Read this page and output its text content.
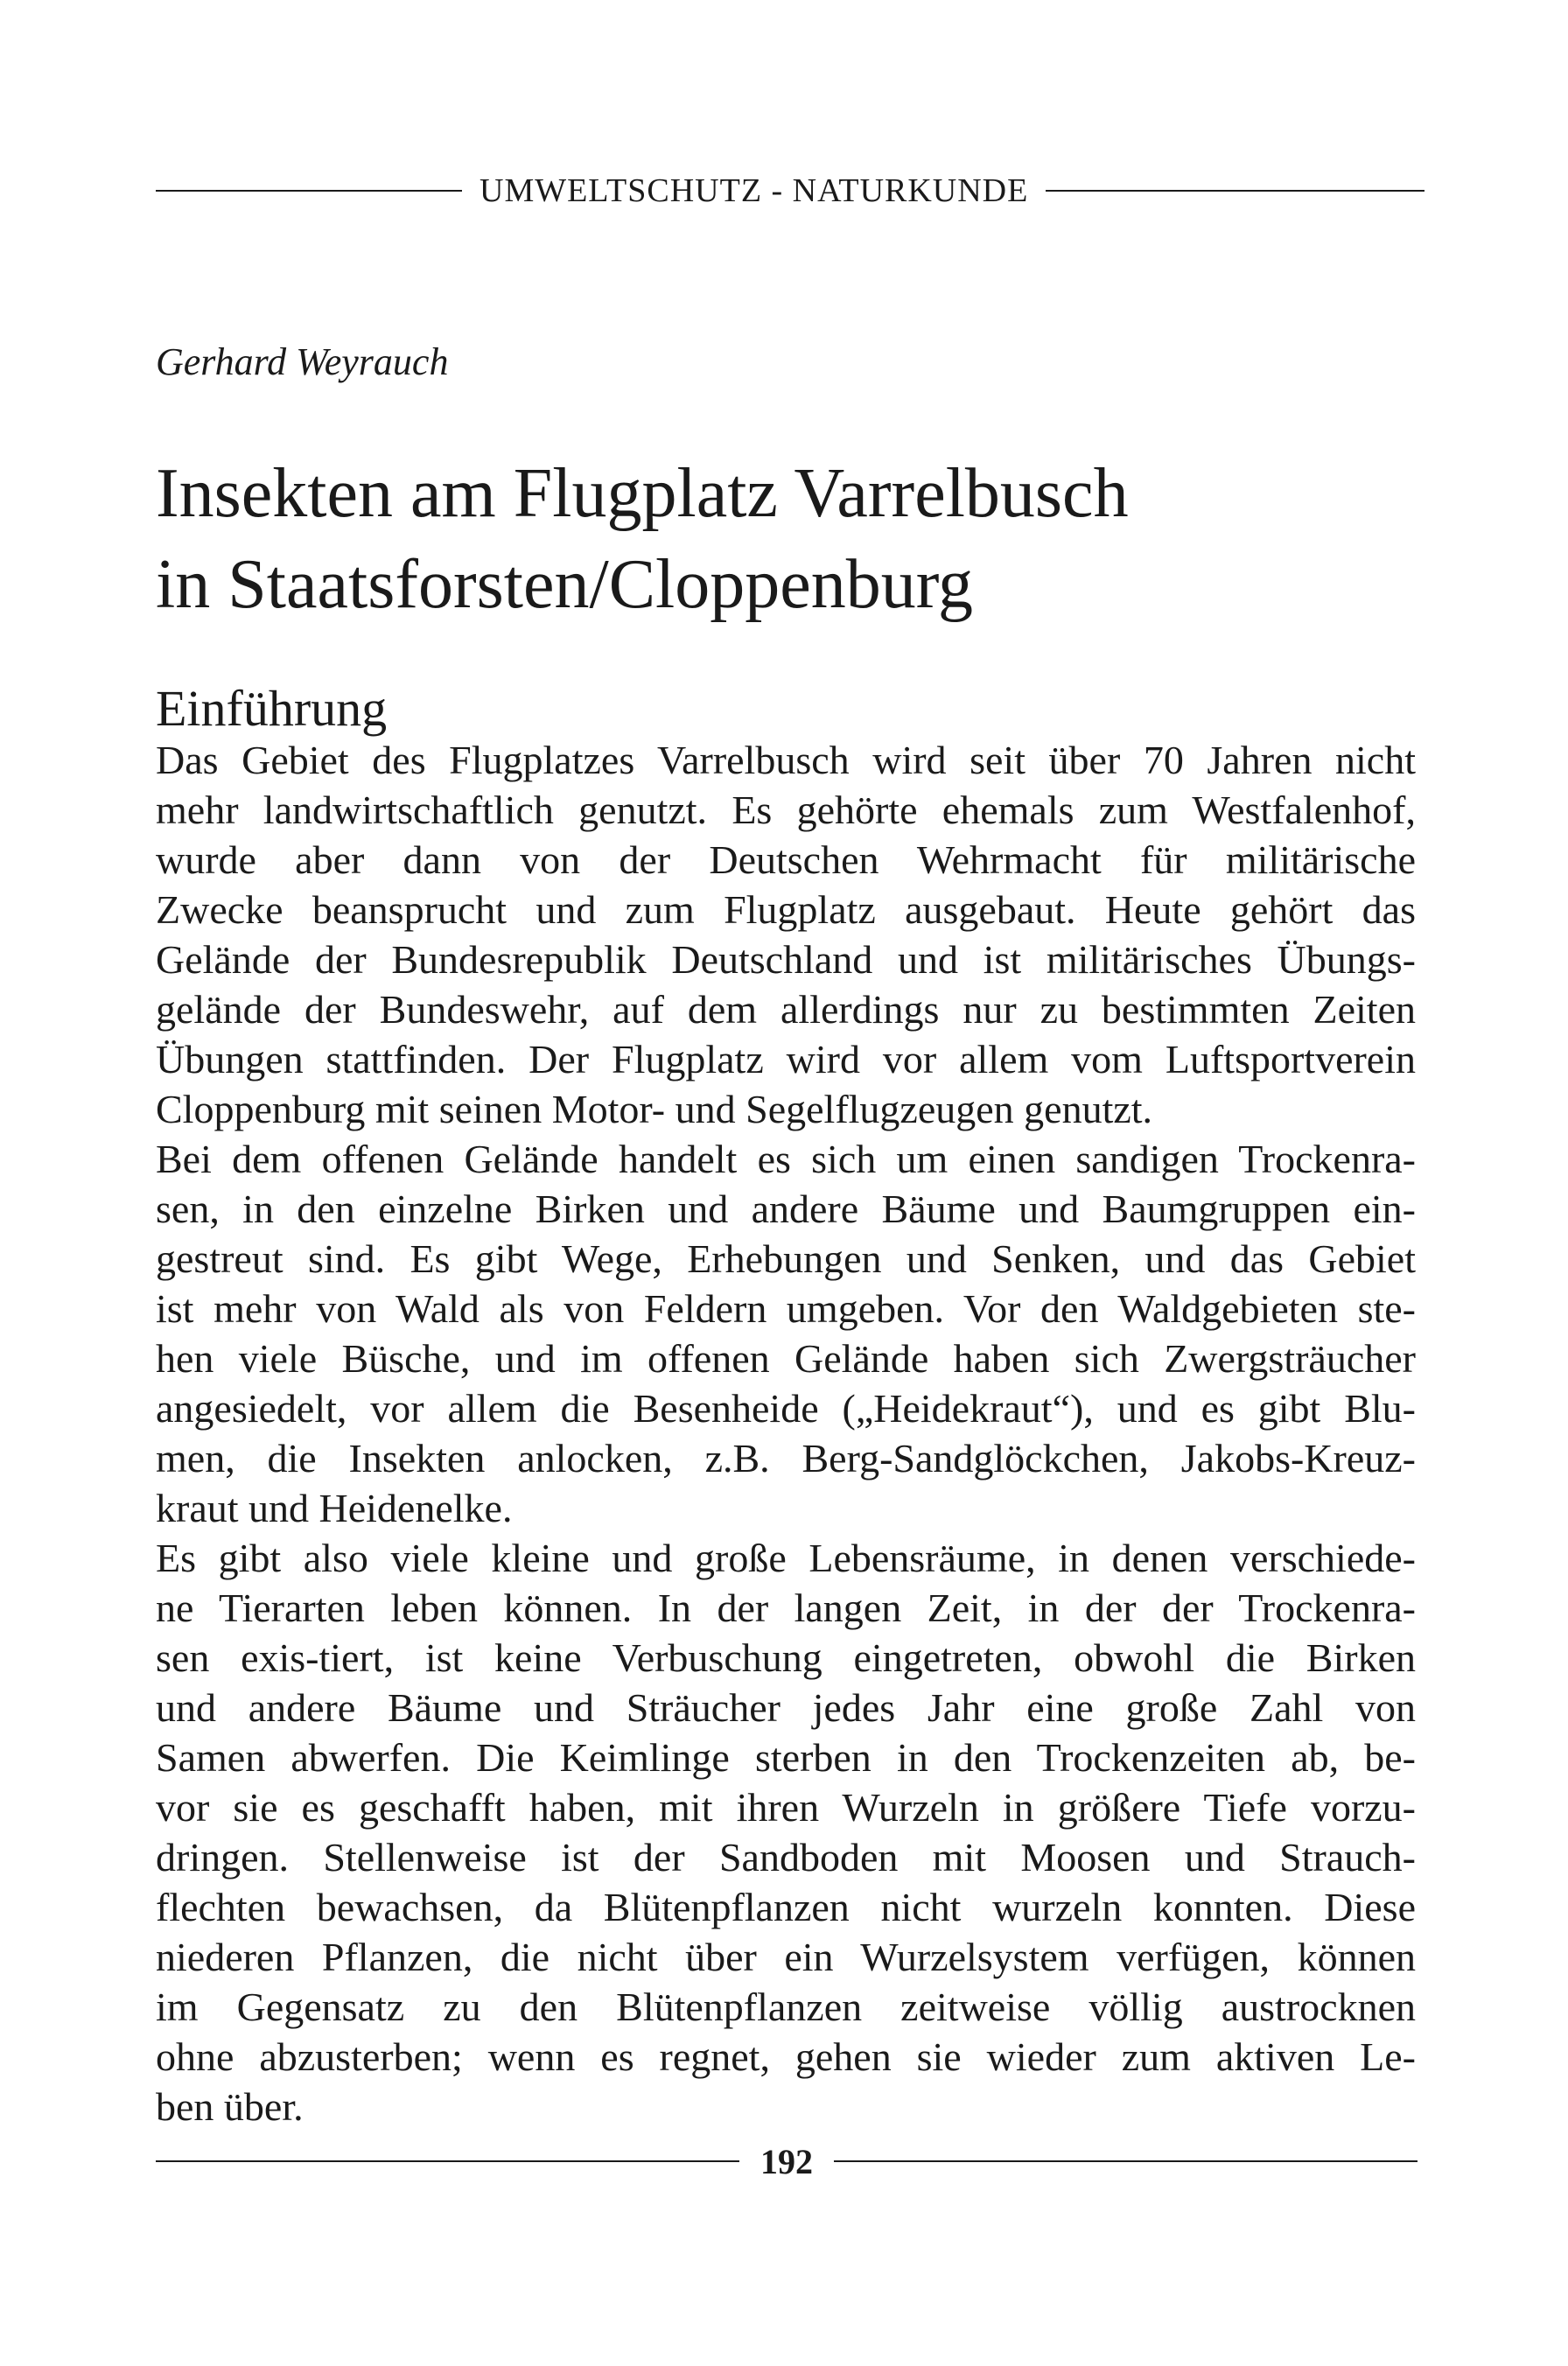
UMWELTSCHUTZ - NATURKUNDE
Gerhard Weyrauch
Insekten am Flugplatz Varrelbusch
in Staatsforsten/Cloppenburg
Einführung
Das Gebiet des Flugplatzes Varrelbusch wird seit über 70 Jahren nicht
mehr landwirtschaftlich genutzt. Es gehörte ehemals zum Westfalenhof,
wurde aber dann von der Deutschen Wehrmacht für militärische
Zwecke beansprucht und zum Flugplatz ausgebaut. Heute gehört das
Gelände der Bundesrepublik Deutschland und ist militärisches Übungs-
gelände der Bundeswehr, auf dem allerdings nur zu bestimmten Zeiten
Übungen stattfinden. Der Flugplatz wird vor allem vom Luftsportverein
Cloppenburg mit seinen Motor- und Segelflugzeugen genutzt.
Bei dem offenen Gelände handelt es sich um einen sandigen Trockenra-
sen, in den einzelne Birken und andere Bäume und Baumgruppen ein-
gestreut sind. Es gibt Wege, Erhebungen und Senken, und das Gebiet
ist mehr von Wald als von Feldern umgeben. Vor den Waldgebieten ste-
hen viele Büsche, und im offenen Gelände haben sich Zwergsträucher
angesiedelt, vor allem die Besenheide („Heidekraut“), und es gibt Blu-
men, die Insekten anlocken, z.B. Berg-Sandglöckchen, Jakobs-Kreuz-
kraut und Heidenelke.
Es gibt also viele kleine und große Lebensräume, in denen verschiede-
ne Tierarten leben können. In der langen Zeit, in der der Trockenra-
sen exis-tiert, ist keine Verbuschung eingetreten, obwohl die Birken
und andere Bäume und Sträucher jedes Jahr eine große Zahl von
Samen abwerfen. Die Keimlinge sterben in den Trockenzeiten ab, be-
vor sie es geschafft haben, mit ihren Wurzeln in größere Tiefe vorzu-
dringen. Stellenweise ist der Sandboden mit Moosen und Strauch-
flechten bewachsen, da Blütenpflanzen nicht wurzeln konnten. Diese
niederen Pflanzen, die nicht über ein Wurzelsystem verfügen, können
im Gegensatz zu den Blütenpflanzen zeitweise völlig austrocknen
ohne abzusterben; wenn es regnet, gehen sie wieder zum aktiven Le-
ben über.
192
